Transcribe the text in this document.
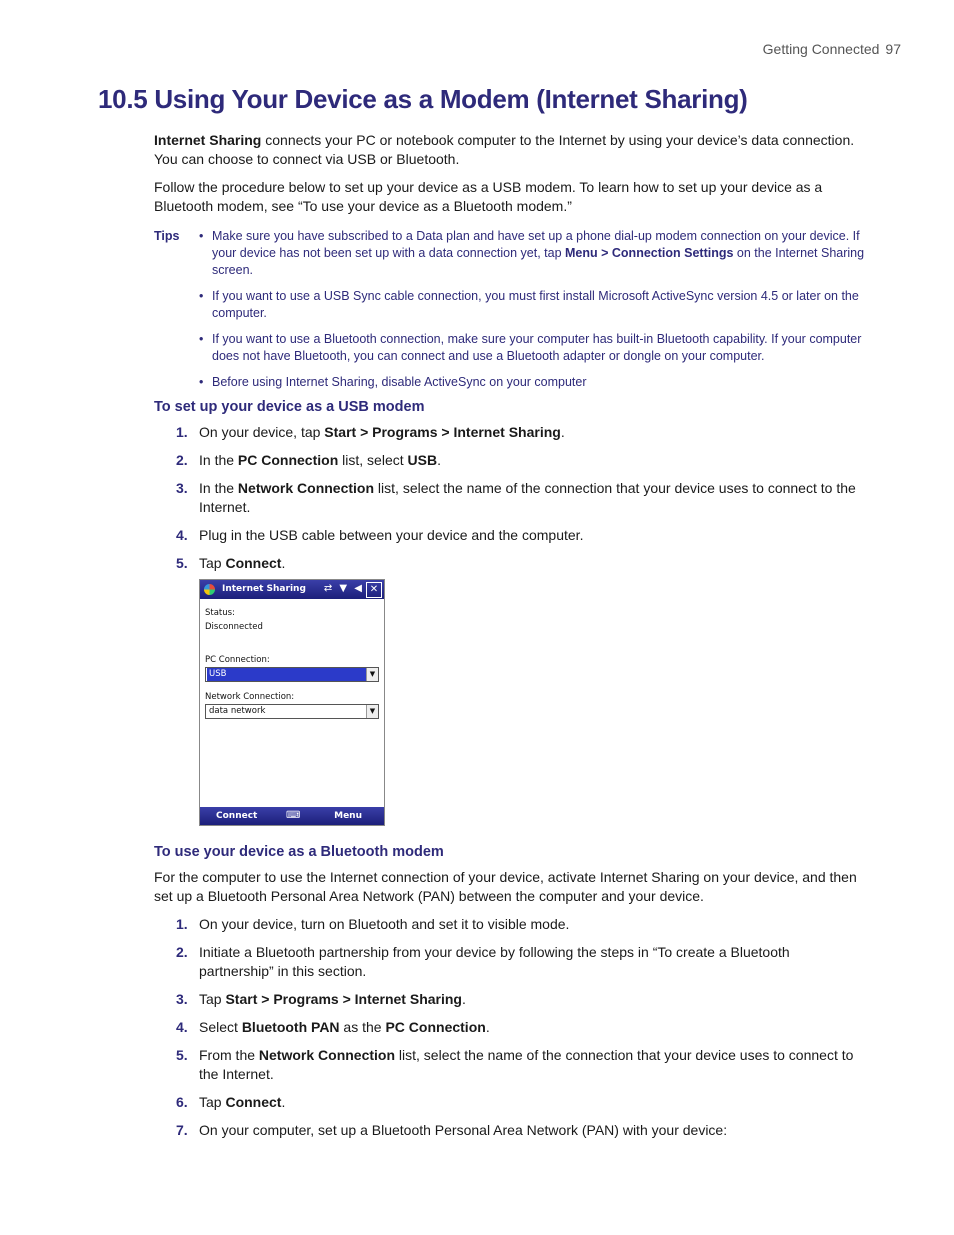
Getting Connected 97
10.5 Using Your Device as a Modem (Internet Sharing)

Internet Sharing connects your PC or notebook computer to the Internet by using your device’s data connection. You can choose to connect via USB or Bluetooth.

Follow the procedure below to set up your device as a USB modem. To learn how to set up your device as a Bluetooth modem, see “To use your device as a Bluetooth modem.”

Tips
•	Make sure you have subscribed to a Data plan and have set up a phone dial-up modem connection on your device. If your device has not been set up with a data connection yet, tap Menu > Connection Settings on the Internet Sharing screen.
• If you want to use a USB Sync cable connection, you must first install Microsoft ActiveSync version 4.5 or later on the computer.
• If you want to use a Bluetooth connection, make sure your computer has built-in Bluetooth capability. If your computer does not have Bluetooth, you can connect and use a Bluetooth adapter or dongle on your computer.
• Before using Internet Sharing, disable ActiveSync on your computer
To set up your device as a USB modem
1. On your device, tap Start > Programs > Internet Sharing.
2. In the PC Connection list, select USB.
3. In the Network Connection list, select the name of the connection that your device uses to connect to the Internet.
4. Plug in the USB cable between your device and the computer.
5. Tap Connect.
Internet Sharing ⇄ ▼ ◀ ✕
Status:
Disconnected
PC Connection:
USB	▼
Network Connection:
data network	▼
Connect	⌨	Menu
To use your device as a Bluetooth modem

For the computer to use the Internet connection of your device, activate Internet Sharing on your device, and then set up a Bluetooth Personal Area Network (PAN) between the computer and your device.

1. On your device, turn on Bluetooth and set it to visible mode.
2. Initiate a Bluetooth partnership from your device by following the steps in “To create a Bluetooth partnership” in this section.
3. Tap Start > Programs > Internet Sharing.
4. Select Bluetooth PAN as the PC Connection.
5. From the Network Connection list, select the name of the connection that your device uses to connect to the Internet.
6. Tap Connect.
7. On your computer, set up a Bluetooth Personal Area Network (PAN) with your device:
